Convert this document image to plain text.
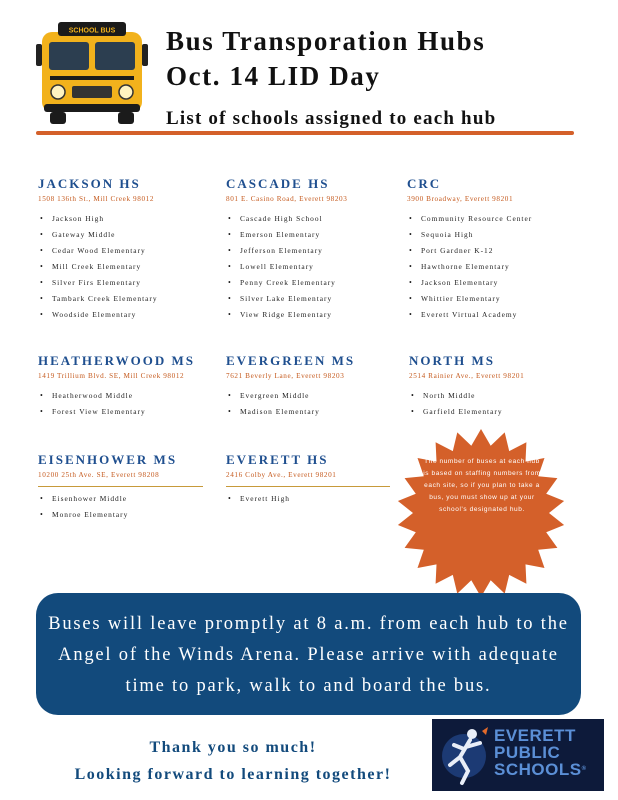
SCHOOL BUS Bus Transporation Hubs
Oct. 14 LID Day
List of schools assigned to each hub
JACKSON HS
1508 136th St., Mill Creek 98012
• Jackson High
• Gateway Middle
• Cedar Wood Elementary
• Mill Creek Elementary
• Silver Firs Elementary
• Tambark Creek Elementary
• Woodside Elementary
CASCADE HS
801 E. Casino Road, Everett 98203
• Cascade High School
• Emerson Elementary
• Jefferson Elementary
• Lowell Elementary
• Penny Creek Elementary
• Silver Lake Elementary
• View Ridge Elementary
CRC
3900 Broadway, Everett 98201
• Community Resource Center
• Sequoia High
• Port Gardner K-12
• Hawthorne Elementary
• Jackson Elementary
• Whittier Elementary
• Everett Virtual Academy
HEATHERWOOD MS
1419 Trillium Blvd. SE, Mill Creek 98012
• Heatherwood Middle
• Forest View Elementary
EVERGREEN MS
7621 Beverly Lane, Everett 98203
• Evergreen Middle
• Madison Elementary
NORTH MS
2514 Rainier Ave., Everett 98201
• North Middle
• Garfield Elementary
EISENHOWER MS
10200 25th Ave. SE, Everett 98208
• Eisenhower Middle
• Monroe Elementary
EVERETT HS
2416 Colby Ave., Everett 98201
• Everett High
The number of buses at each hub is based on staffing numbers from each site, so if you plan to take a bus, you must show up at your school's designated hub.
Buses will leave promptly at 8 a.m. from each hub to the Angel of the Winds Arena. Please arrive with adequate time to park, walk to and board the bus.
Thank you so much!
Looking forward to learning together!
EVERETT
PUBLIC
SCHOOLS®
